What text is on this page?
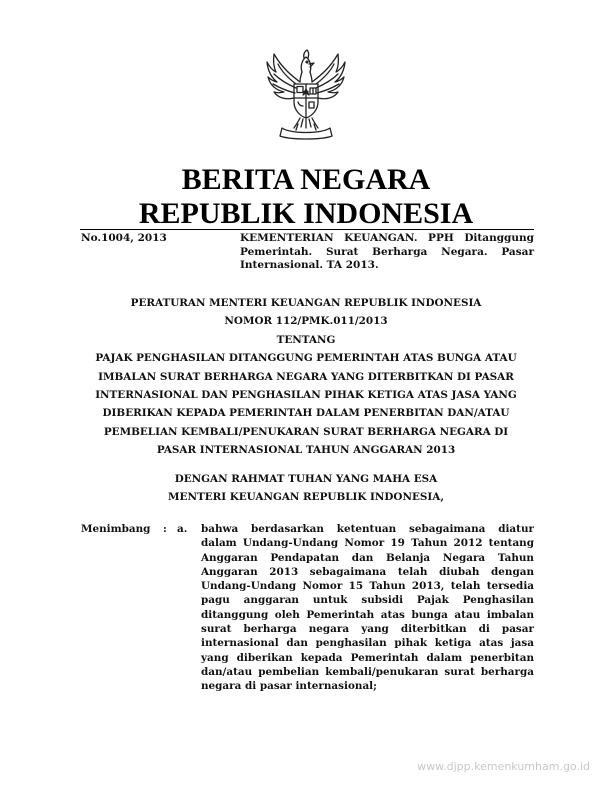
BERITA NEGARA
REPUBLIK INDONESIA
No.1004, 2013	KEMENTERIAN KEUANGAN. PPH Ditanggung Pemerintah. Surat Berharga Negara. Pasar Internasional. TA 2013.
PERATURAN MENTERI KEUANGAN REPUBLIK INDONESIA
NOMOR 112/PMK.011/2013
TENTANG
PAJAK PENGHASILAN DITANGGUNG PEMERINTAH ATAS BUNGA ATAU
IMBALAN SURAT BERHARGA NEGARA YANG DITERBITKAN DI PASAR
INTERNASIONAL DAN PENGHASILAN PIHAK KETIGA ATAS JASA YANG
DIBERIKAN KEPADA PEMERINTAH DALAM PENERBITAN DAN/ATAU
PEMBELIAN KEMBALI/PENUKARAN SURAT BERHARGA NEGARA DI
PASAR INTERNASIONAL TAHUN ANGGARAN 2013
DENGAN RAHMAT TUHAN YANG MAHA ESA
MENTERI KEUANGAN REPUBLIK INDONESIA,
Menimbang : a. bahwa berdasarkan ketentuan sebagaimana diatur dalam Undang-Undang Nomor 19 Tahun 2012 tentang Anggaran Pendapatan dan Belanja Negara Tahun Anggaran 2013 sebagaimana telah diubah dengan Undang-Undang Nomor 15 Tahun 2013, telah tersedia pagu anggaran untuk subsidi Pajak Penghasilan ditanggung oleh Pemerintah atas bunga atau imbalan surat berharga negara yang diterbitkan di pasar internasional dan penghasilan pihak ketiga atas jasa yang diberikan kepada Pemerintah dalam penerbitan dan/atau pembelian kembali/penukaran surat berharga negara di pasar internasional;
www.djpp.kemenkumham.go.id
